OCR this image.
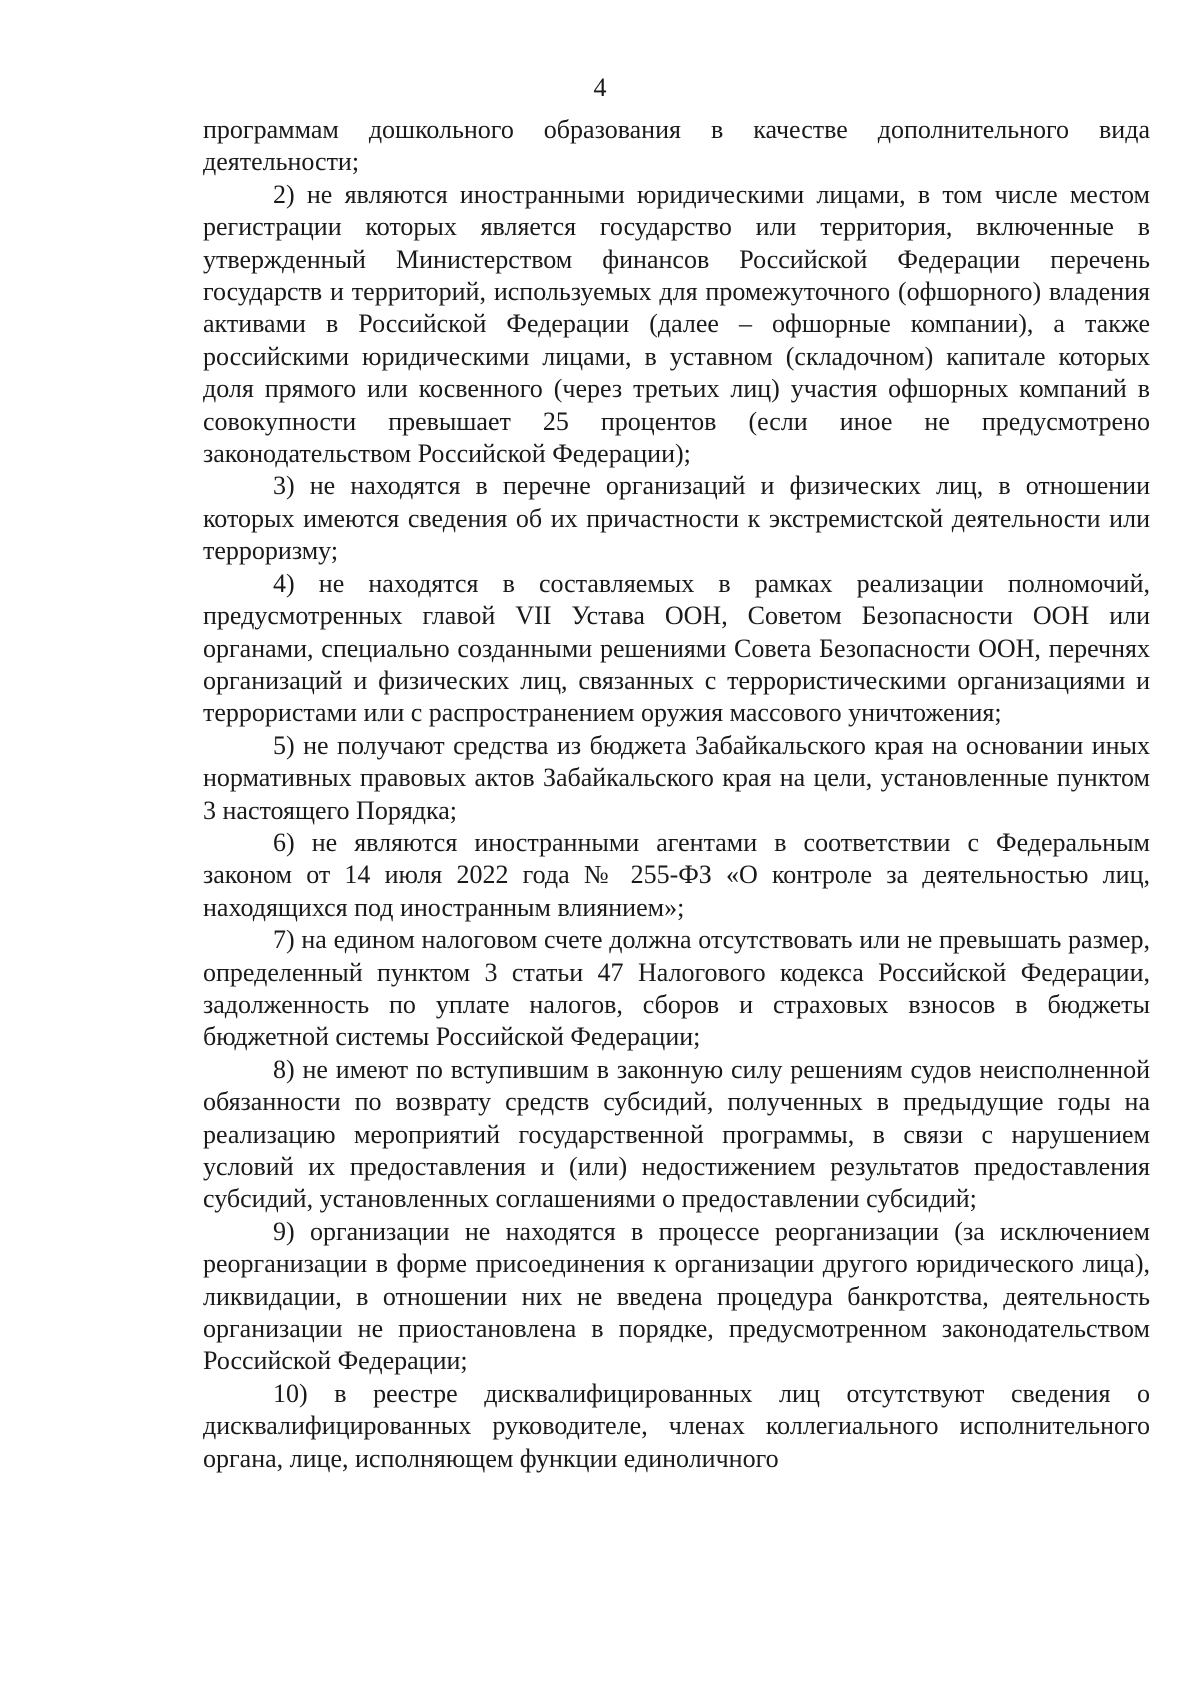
4

программам дошкольного образования в качестве дополнительного вида деятельности;

2) не являются иностранными юридическими лицами, в том числе местом регистрации которых является государство или территория, включенные в утвержденный Министерством финансов Российской Федерации перечень государств и территорий, используемых для промежуточного (офшорного) владения активами в Российской Федерации (далее – офшорные компании), а также российскими юридическими лицами, в уставном (складочном) капитале которых доля прямого или косвенного (через третьих лиц) участия офшорных компаний в совокупности превышает 25 процентов (если иное не предусмотрено законодательством Российской Федерации);

3) не находятся в перечне организаций и физических лиц, в отношении которых имеются сведения об их причастности к экстремистской деятельности или терроризму;

4) не находятся в составляемых в рамках реализации полномочий, предусмотренных главой VII Устава ООН, Советом Безопасности ООН или органами, специально созданными решениями Совета Безопасности ООН, перечнях организаций и физических лиц, связанных с террористическими организациями и террористами или с распространением оружия массового уничтожения;

5) не получают средства из бюджета Забайкальского края на основании иных нормативных правовых актов Забайкальского края на цели, установленные пунктом 3 настоящего Порядка;

6) не являются иностранными агентами в соответствии с Федеральным законом от 14 июля 2022 года № 255-ФЗ «О контроле за деятельностью лиц, находящихся под иностранным влиянием»;

7) на едином налоговом счете должна отсутствовать или не превышать размер, определенный пунктом 3 статьи 47 Налогового кодекса Российской Федерации, задолженность по уплате налогов, сборов и страховых взносов в бюджеты бюджетной системы Российской Федерации;

8) не имеют по вступившим в законную силу решениям судов неисполненной обязанности по возврату средств субсидий, полученных в предыдущие годы на реализацию мероприятий государственной программы, в связи с нарушением условий их предоставления и (или) недостижением результатов предоставления субсидий, установленных соглашениями о предоставлении субсидий;

9) организации не находятся в процессе реорганизации (за исключением реорганизации в форме присоединения к организации другого юридического лица), ликвидации, в отношении них не введена процедура банкротства, деятельность организации не приостановлена в порядке, предусмотренном законодательством Российской Федерации;

10) в реестре дисквалифицированных лиц отсутствуют сведения о дисквалифицированных руководителе, членах коллегиального исполнительного органа, лице, исполняющем функции единоличного
